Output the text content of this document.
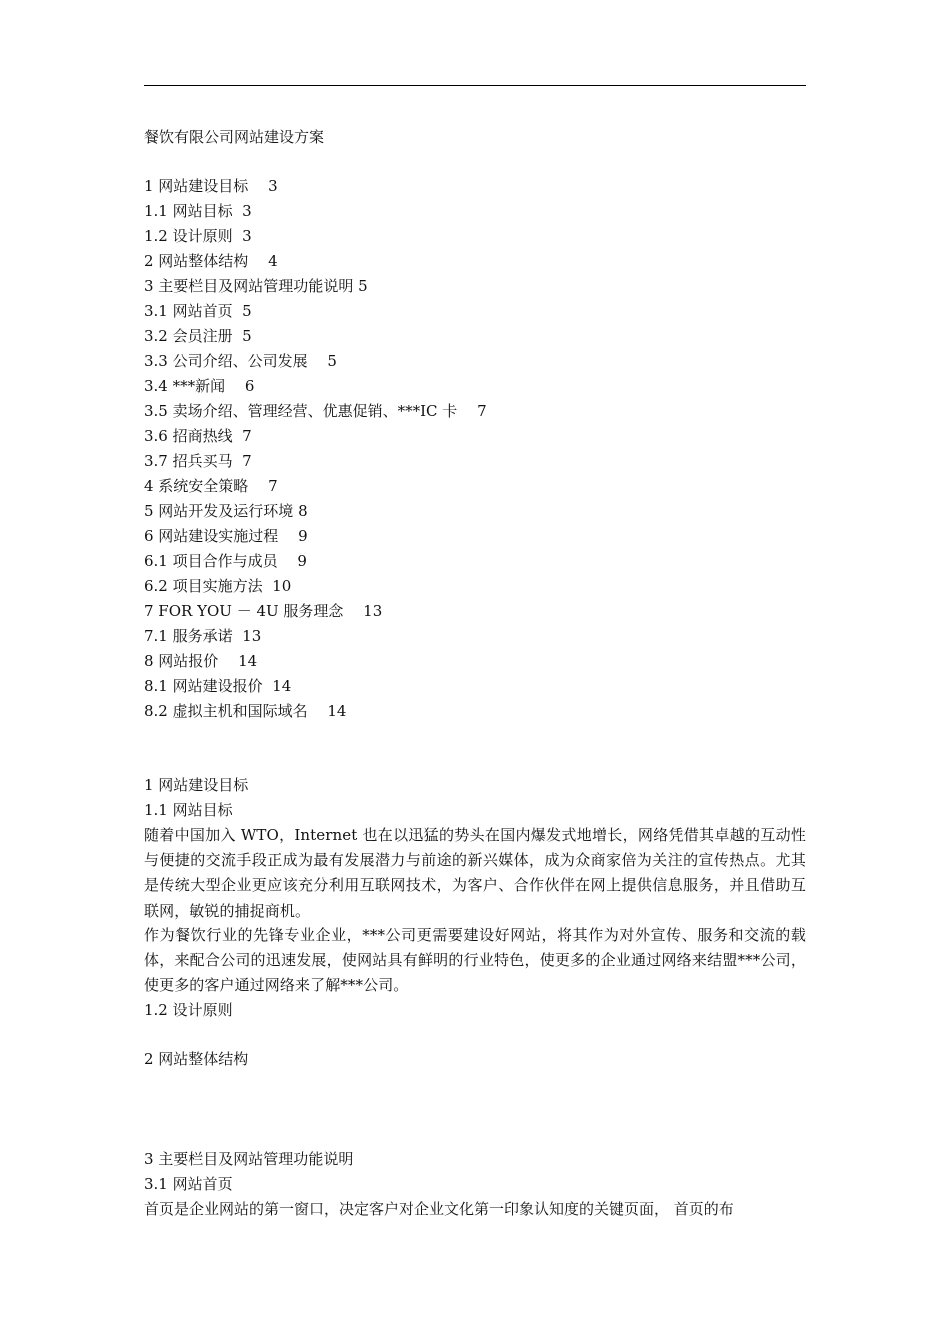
餐饮有限公司网站建设方案
1 网站建设目标　 3
1.1 网站目标  3
1.2 设计原则  3
2 网站整体结构　 4
3 主要栏目及网站管理功能说明 5
3.1 网站首页  5
3.2 会员注册  5
3.3 公司介绍、公司发展　 5
3.4 ***新闻　 6
3.5 卖场介绍、管理经营、优惠促销、***IC 卡　 7
3.6 招商热线  7
3.7 招兵买马  7
4 系统安全策略　 7
5 网站开发及运行环境 8
6 网站建设实施过程　 9
6.1 项目合作与成员　 9
6.2 项目实施方法  10
7 FOR YOU － 4U 服务理念　 13
7.1 服务承诺  13
8 网站报价　 14
8.1 网站建设报价  14
8.2 虚拟主机和国际域名　 14
1 网站建设目标
1.1 网站目标
随着中国加入 WTO，Internet 也在以迅猛的势头在国内爆发式地增长，网络凭借其卓越的互动性与便捷的交流手段正成为最有发展潜力与前途的新兴媒体，成为众商家倍为关注的宣传热点。尤其是传统大型企业更应该充分利用互联网技术，为客户、合作伙伴在网上提供信息服务，并且借助互联网，敏锐的捕捉商机。
作为餐饮行业的先锋专业企业，***公司更需要建设好网站，将其作为对外宣传、服务和交流的载体，来配合公司的迅速发展，使网站具有鲜明的行业特色，使更多的企业通过网络来结盟***公司，使更多的客户通过网络来了解***公司。
1.2 设计原则
2 网站整体结构
3 主要栏目及网站管理功能说明
3.1 网站首页
首页是企业网站的第一窗口，决定客户对企业文化第一印象认知度的关键页面， 首页的布
